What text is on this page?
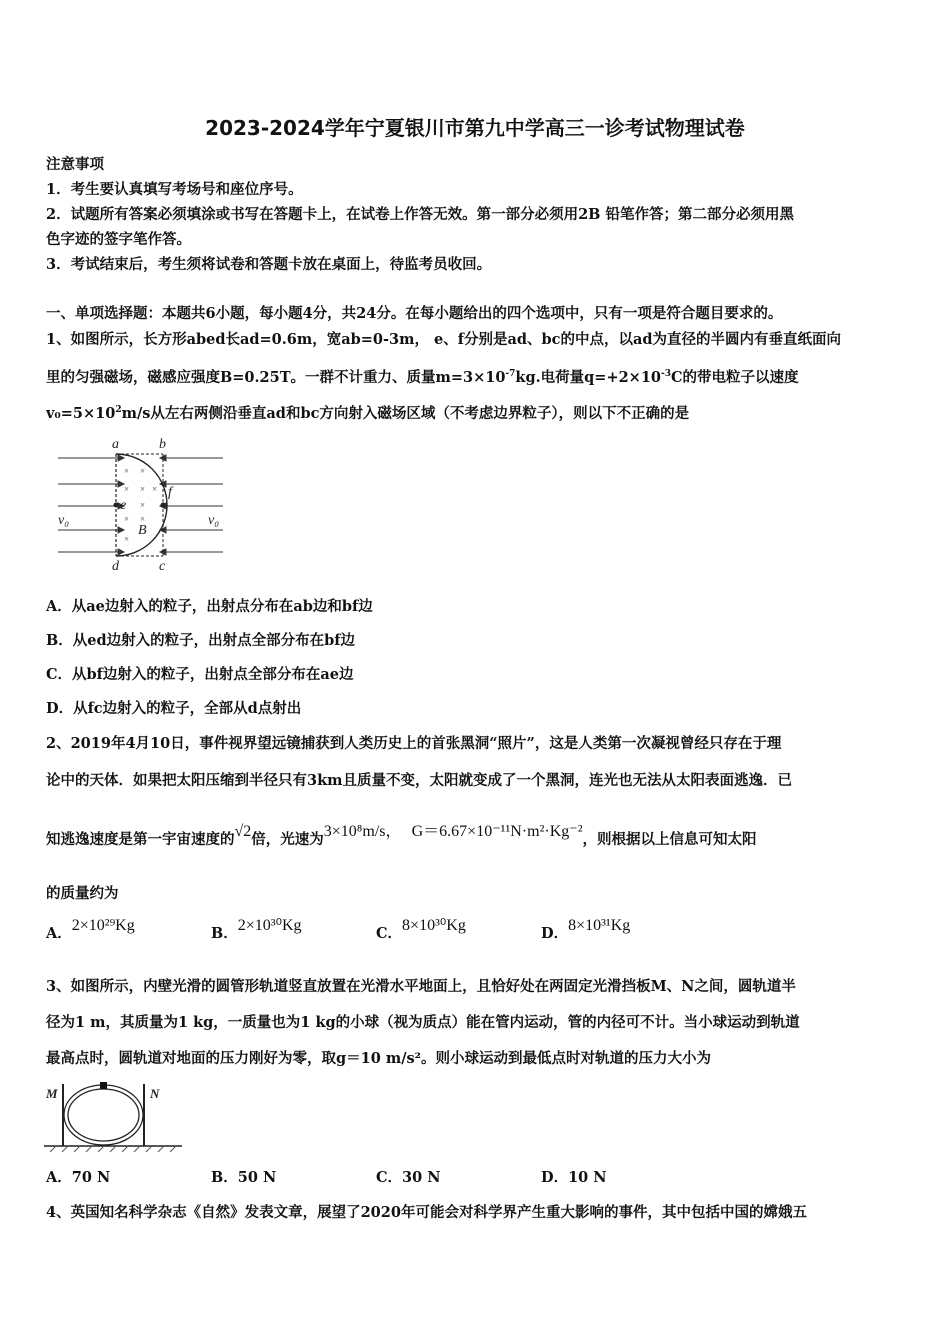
2023-2024学年宁夏银川市第九中学高三一诊考试物理试卷
注意事项
1．考生要认真填写考场号和座位序号。
2．试题所有答案必须填涂或书写在答题卡上，在试卷上作答无效。第一部分必须用2B 铅笔作答；第二部分必须用黑
色字迹的签字笔作答。
3．考试结束后，考生须将试卷和答题卡放在桌面上，待监考员收回。
一、单项选择题：本题共6小题，每小题4分，共24分。在每小题给出的四个选项中，只有一项是符合题目要求的。
1、如图所示，长方形abed长ad=0.6m，宽ab=0-3m， e、f分别是ad、bc的中点，以ad为直径的半圆内有垂直纸面向
里的匀强磁场，磁感应强度B=0.25T。一群不计重力、质量$m=3\times 10^{-7}kg$.电荷量$q=+2\times 10^{-3}C$的带电粒子以速度
$v_0=5\times 10^2m/s$从左右两侧沿垂直ad和bc方向射入磁场区域（不考虑边界粒子），则以下不正确的是
× ×
× × ×
×
× ×
×
a	b
c
d
e
f
B
v₀	v₀
A．从ae边射入的粒子，出射点分布在ab边和bf边
B．从ed边射入的粒子，出射点全部分布在bf边
C．从bf边射入的粒子，出射点全部分布在ae边
D．从fc边射入的粒子，全部从d点射出
2、2019年4月10日，事件视界望远镜捕获到人类历史上的首张黑洞“照片”，这是人类第一次凝视曾经只存在于理
论中的天体．如果把太阳压缩到半径只有3km且质量不变，太阳就变成了一个黑洞，连光也无法从太阳表面逃逸．已
知逃逸速度是第一宇宙速度的√2倍，光速为3×10⁸m/s， G＝6.67×10⁻¹¹N·m²·Kg⁻²，则根据以上信息可知太阳
的质量约为
A．2×10²⁹Kg	B．2×10³⁰Kg	C．8×10³⁰Kg	D．8×10³¹Kg
3、如图所示，内壁光滑的圆管形轨道竖直放置在光滑水平地面上，且恰好处在两固定光滑挡板M、N之间，圆轨道半
径为1 m，其质量为1 kg，一质量也为1 kg的小球（视为质点）能在管内运动，管的内径可不计。当小球运动到轨道
最高点时，圆轨道对地面的压力刚好为零，取g＝10 m/s²。则小球运动到最低点时对轨道的压力大小为
M	N
A．70 N	B．50 N	C．30 N	D．10 N
4、英国知名科学杂志《自然》发表文章，展望了2020年可能会对科学界产生重大影响的事件，其中包括中国的嫦娥五
